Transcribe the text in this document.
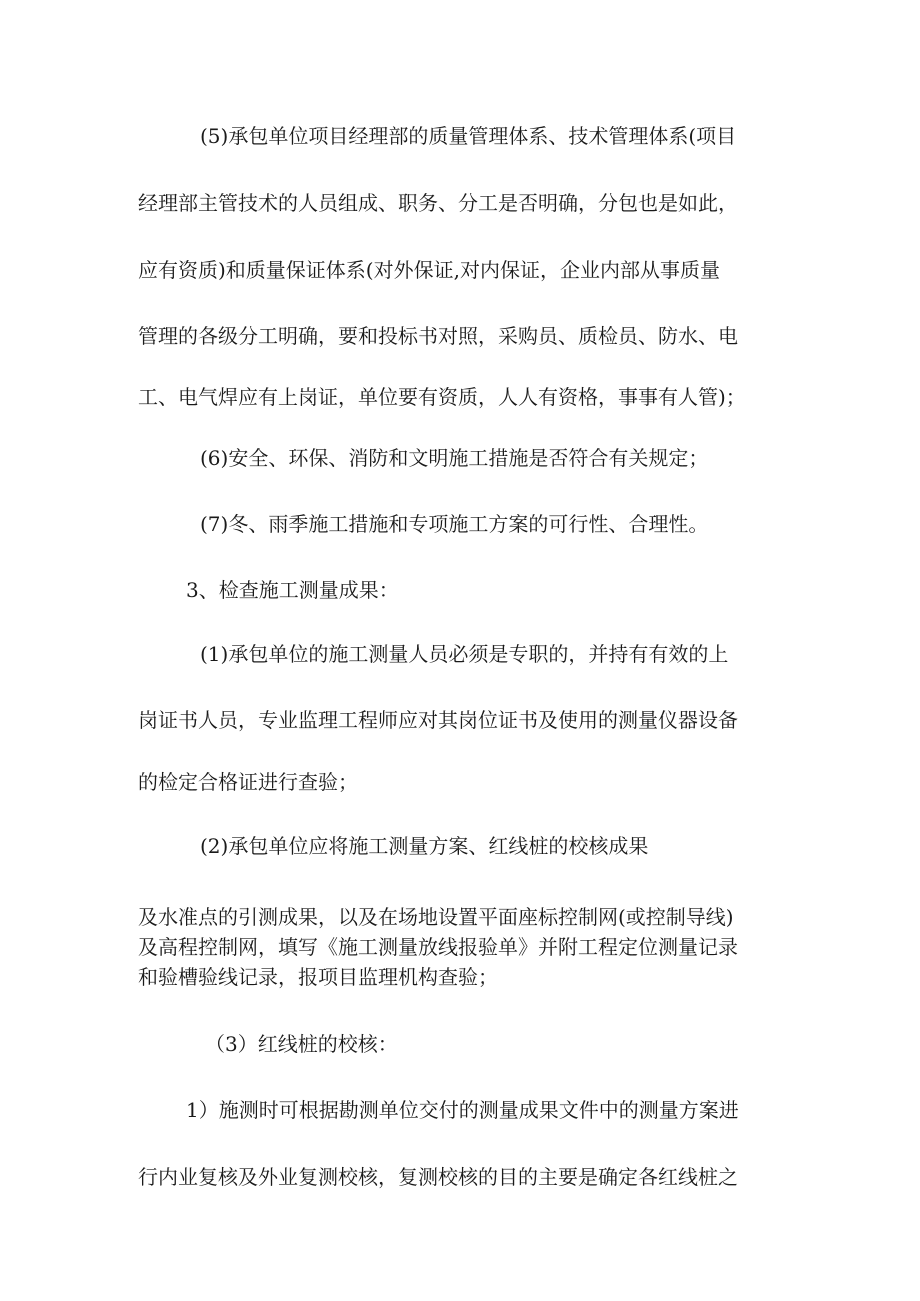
(5)承包单位项目经理部的质量管理体系、技术管理体系(项目
经理部主管技术的人员组成、职务、分工是否明确，分包也是如此，
应有资质)和质量保证体系(对外保证,对内保证，企业内部从事质量
管理的各级分工明确，要和投标书对照，采购员、质检员、防水、电
工、电气焊应有上岗证，单位要有资质，人人有资格，事事有人管)；
(6)安全、环保、消防和文明施工措施是否符合有关规定；
(7)冬、雨季施工措施和专项施工方案的可行性、合理性。
3、检查施工测量成果：
(1)承包单位的施工测量人员必须是专职的，并持有有效的上
岗证书人员，专业监理工程师应对其岗位证书及使用的测量仪器设备
的检定合格证进行查验；
(2)承包单位应将施工测量方案、红线桩的校核成果
及水准点的引测成果，以及在场地设置平面座标控制网(或控制导线)
及高程控制网，填写《施工测量放线报验单》并附工程定位测量记录
和验槽验线记录，报项目监理机构查验；
（3）红线桩的校核：
1）施测时可根据勘测单位交付的测量成果文件中的测量方案进
行内业复核及外业复测校核，复测校核的目的主要是确定各红线桩之
